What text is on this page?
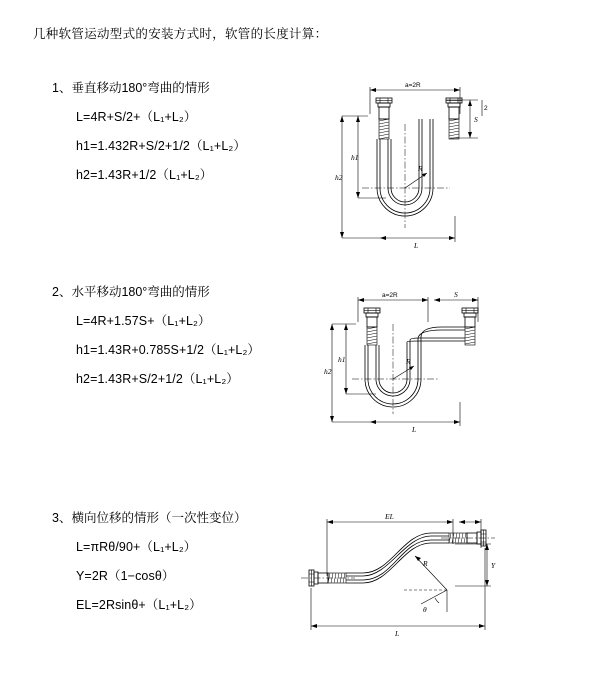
几种软管运动型式的安装方式时，软管的长度计算：

1、垂直移动180°弯曲的情形

L=4R+S/2+（L₁+L₂）

h1=1.432R+S/2+1/2（L₁+L₂）

h2=1.43R+1/2（L₁+L₂）

a=2R
h2
h1
S
2
R
L

2、水平移动180°弯曲的情形

L=4R+1.57S+（L₁+L₂）

h1=1.43R+0.785S+1/2（L₁+L₂）

h2=1.43R+S/2+1/2（L₁+L₂）

a=2R	S
h2
h1	R
L

3、横向位移的情形（一次性变位）

L=πRθ/90+（L₁+L₂）

Y=2R（1−cosθ）

EL=2Rsinθ+（L₁+L₂）

EL
Y
R
θ
L
